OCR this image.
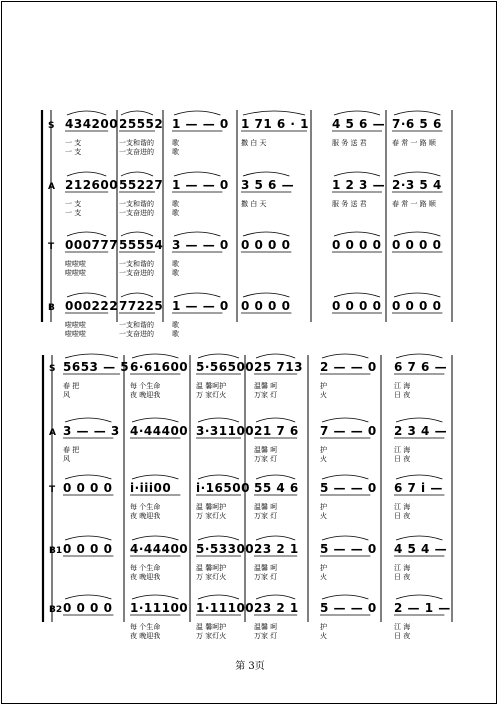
S 434200 25552 1 — — 0 1 71 6 · 1 4 5 6 — 7·6 5 6
一 支	一支和谐的	歌	撒 白 天	服 务 送 君	春 常 一 路 顺
一 支	一支奋进的	歌
A 212600 55227 1 — — 0 3 5 6 —	1 2 3 — 2·3 5 4
一 支	一支和谐的	歌	撒 白 天	服 务 送 君	春 常 一 路 顺
一 支	一支奋进的	歌
T 000777 55554 3 — — 0 0 0 0 0	0 0 0 0 0 0 0 0
啦啦啦	一支和谐的	歌
啦啦啦	一支奋进的	歌
B 000222 77225 1 — — 0 0 0 0 0	0 0 0 0 0 0 0 0
啦啦啦	一支和谐的	歌
啦啦啦	一支奋进的	歌
S 5653 — 5 6·61600 5·56500 25 713 2 — — 0 6 7 6 —
春 把	每 个生命	温 馨呵护	温馨 呵	护	江 海
风	夜 晚迎我	万 家灯火	万家 灯	火	日 夜
A 3 — — 3 4·44400 3·31100 21 7 6 7 — — 0 2 3 4 —
春 把	温馨 呵	护	江 海
风	万家 灯	火	日 夜
T 0 0 0 0 i·iii00 i·16500 55 4 6 5 — — 0 6 7 i —
每 个生命	温 馨呵护	温馨 呵	护	江 海
夜 晚迎我	万 家灯火	万家 灯	火	日 夜
B1 0 0 0 0 4·44400 5·53300 23 2 1 5 — — 0 4 5 4 —
每 个生命	温 馨呵护	温馨 呵	护	江 海
夜 晚迎我	万 家灯火	万家 灯	火	日 夜
B2 0 0 0 0 1·11100 1·11100 23 2 1 5 — — 0 2 — 1 —
每 个生命	温 馨呵护	温馨 呵	护	江 海
夜 晚迎我	万 家灯火	万家 灯	火	日 夜
第 3页
